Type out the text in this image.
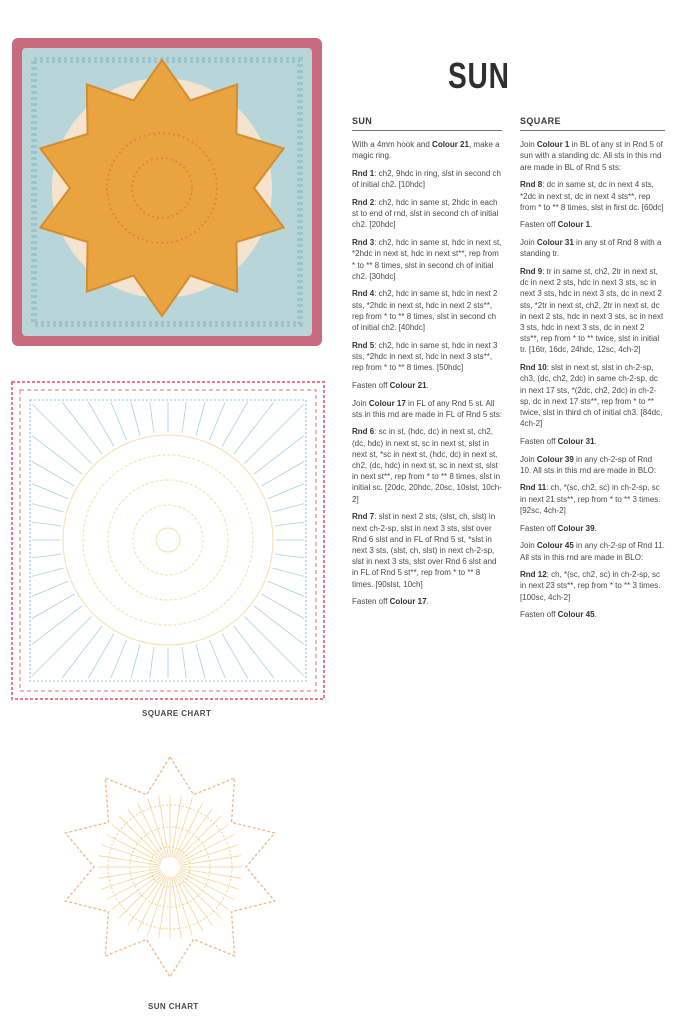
SQUARE CHART
SUN CHART
SUN
SUN

With a 4mm hook and Colour 21, make a magic ring.

Rnd 1: ch2, 9hdc in ring, slst in second ch of initial ch2. [10hdc]

Rnd 2: ch2, hdc in same st, 2hdc in each st to end of rnd, slst in second ch of initial ch2. [20hdc]

Rnd 3: ch2, hdc in same st, hdc in next st, *2hdc in next st, hdc in next st**, rep from * to ** 8 times, slst in second ch of initial ch2. [30hdc]

Rnd 4: ch2, hdc in same st, hdc in next 2 sts, *2hdc in next st, hdc in next 2 sts**, rep from * to ** 8 times, slst in second ch of initial ch2. [40hdc]

Rnd 5: ch2, hdc in same st, hdc in next 3 sts, *2hdc in next st, hdc in next 3 sts**, rep from * to ** 8 times. [50hdc]

Fasten off Colour 21.

Join Colour 17 in FL of any Rnd 5 st. All sts in this rnd are made in FL of Rnd 5 sts:

Rnd 6: sc in st, (hdc, dc) in next st, ch2, (dc, hdc) in next st, sc in next st, slst in next st, *sc in next st, (hdc, dc) in next st, ch2, (dc, hdc) in next st, sc in next st, slst in next st**, rep from * to ** 8 times, slst in initial sc. [20dc, 20hdc, 20sc, 10slst, 10ch-2]

Rnd 7: slst in next 2 sts, (slst, ch, slst) in next ch-2-sp, slst in next 3 sts, slst over Rnd 6 slst and in FL of Rnd 5 st, *slst in next 3 sts, (slst, ch, slst) in next ch-2-sp, slst in next 3 sts, slst over Rnd 6 slst and in FL of Rnd 5 st**, rep from * to ** 8 times. [90slst, 10ch]

Fasten off Colour 17.

SQUARE

Join Colour 1 in BL of any st in Rnd 5 of sun with a standing dc. All sts in this rnd are made in BL of Rnd 5 sts:

Rnd 8: dc in same st, dc in next 4 sts, *2dc in next st, dc in next 4 sts**, rep from * to ** 8 times, slst in first dc. [60dc]

Fasten off Colour 1.

Join Colour 31 in any st of Rnd 8 with a standing tr.

Rnd 9: tr in same st, ch2, 2tr in next st, dc in next 2 sts, hdc in next 3 sts, sc in next 3 sts, hdc in next 3 sts, dc in next 2 sts, *2tr in next st, ch2, 2tr in next st, dc in next 2 sts, hdc in next 3 sts, sc in next 3 sts, hdc in next 3 sts, dc in next 2 sts**, rep from * to ** twice, slst in initial tr. [16tr, 16dc, 24hdc, 12sc, 4ch-2]

Rnd 10: slst in next st, slst in ch-2-sp, ch3, (dc, ch2, 2dc) in same ch-2-sp, dc in next 17 sts, *(2dc, ch2, 2dc) in ch-2-sp, dc in next 17 sts**, rep from * to ** twice, slst in third ch of initial ch3. [84dc, 4ch-2]

Fasten off Colour 31.

Join Colour 39 in any ch-2-sp of Rnd 10. All sts in this rnd are made in BLO:

Rnd 11: ch, *(sc, ch2, sc) in ch-2-sp, sc in next 21 sts**, rep from * to ** 3 times. [92sc, 4ch-2]

Fasten off Colour 39.

Join Colour 45 in any ch-2-sp of Rnd 11. All sts in this rnd are made in BLO:

Rnd 12: ch, *(sc, ch2, sc) in ch-2-sp, sc in next 23 sts**, rep from * to ** 3 times. [100sc, 4ch-2]

Fasten off Colour 45.
